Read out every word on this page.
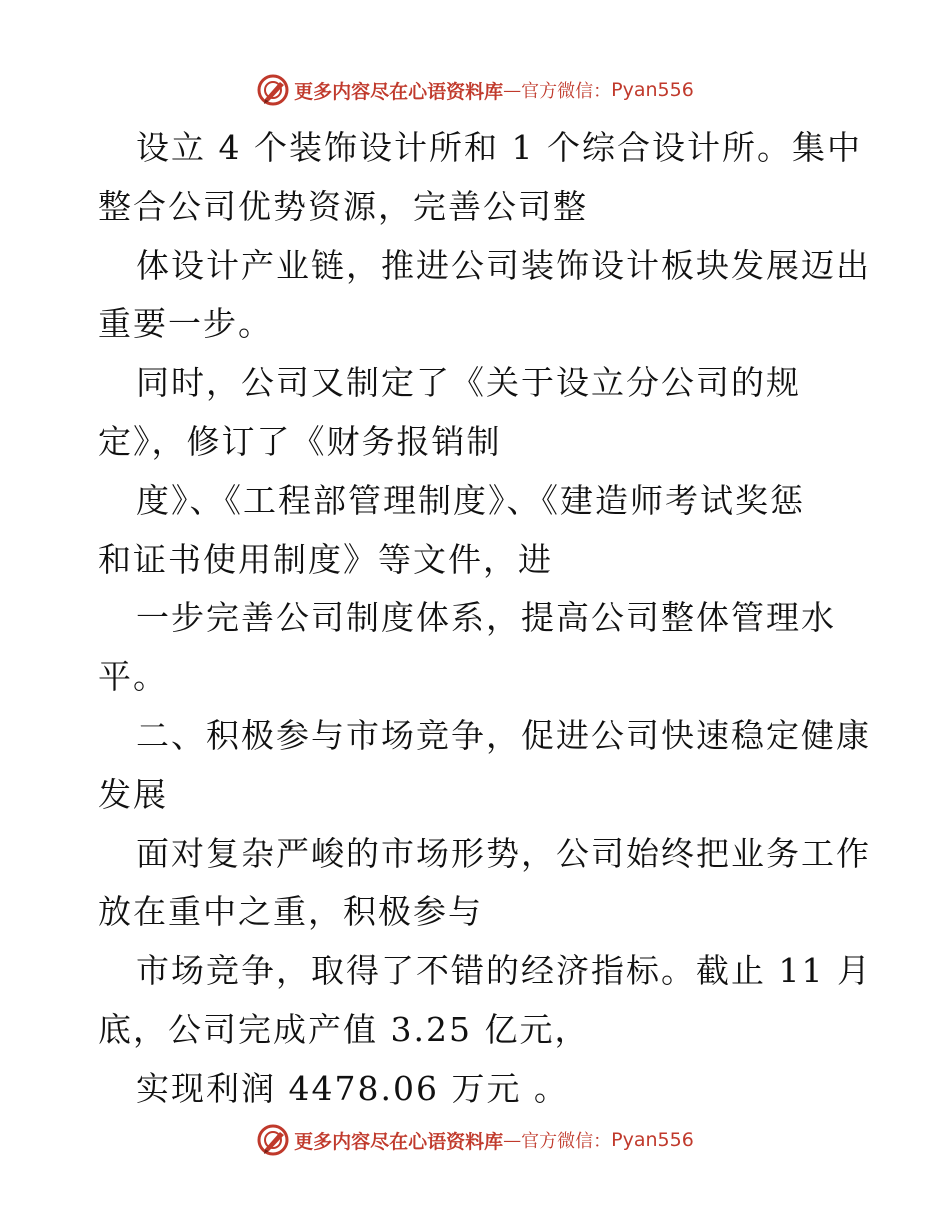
更多内容尽在心语资料库 — 官方微信： Pyan556
设立 4 个装饰设计所和 1 个综合设计所。集中
整合公司优势资源，完善公司整
体设计产业链，推进公司装饰设计板块发展迈出
重要一步。
同时，公司又制定了《关于设立分公司的规
定》，修订了《财务报销制
度》、《工程部管理制度》、《建造师考试奖惩
和证书使用制度》等文件，进
一步完善公司制度体系，提高公司整体管理水
平。
二、积极参与市场竞争，促进公司快速稳定健康
发展
面对复杂严峻的市场形势，公司始终把业务工作
放在重中之重，积极参与
市场竞争，取得了不错的经济指标。截止 11 月
底，公司完成产值 3.25 亿元，
实现利润 4478.06 万元 。
更多内容尽在心语资料库 — 官方微信： Pyan556
